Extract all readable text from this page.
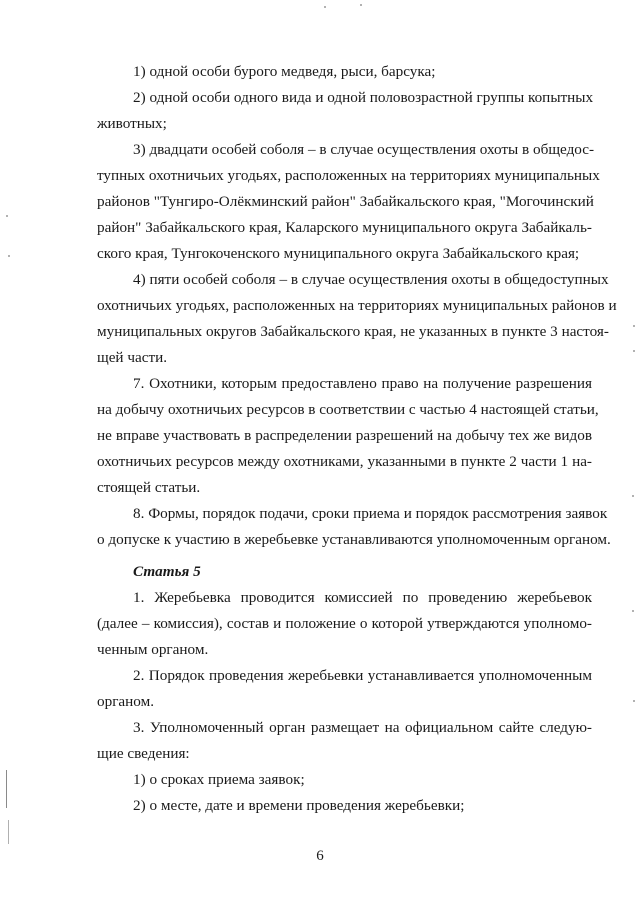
1) одной особи бурого медведя, рыси, барсука;
2) одной особи одного вида и одной половозрастной группы копытных
животных;
3) двадцати особей соболя – в случае осуществления охоты в общедос-
тупных охотничьих угодьях, расположенных на территориях муниципальных
районов "Тунгиро-Олёкминский район" Забайкальского края, "Могочинский
район" Забайкальского края, Каларского муниципального округа Забайкаль-
ского края, Тунгокоченского муниципального округа Забайкальского края;
4) пяти особей соболя – в случае осуществления охоты в общедоступных
охотничьих угодьях, расположенных на территориях муниципальных районов и
муниципальных округов Забайкальского края, не указанных в пункте 3 настоя-
щей части.
7. Охотники, которым предоставлено право на получение разрешения
на добычу охотничьих ресурсов в соответствии с частью 4 настоящей статьи,
не вправе участвовать в распределении разрешений на добычу тех же видов
охотничьих ресурсов между охотниками, указанными в пункте 2 части 1 на-
стоящей статьи.
8. Формы, порядок подачи, сроки приема и порядок рассмотрения заявок
о допуске к участию в жеребьевке устанавливаются уполномоченным органом.
Статья 5
1. Жеребьевка проводится комиссией по проведению жеребьевок
(далее – комиссия), состав и положение о которой утверждаются уполномо-
ченным органом.
2. Порядок проведения жеребьевки устанавливается уполномоченным
органом.
3. Уполномоченный орган размещает на официальном сайте следую-
щие сведения:
1) о сроках приема заявок;
2) о месте, дате и времени проведения жеребьевки;
6
